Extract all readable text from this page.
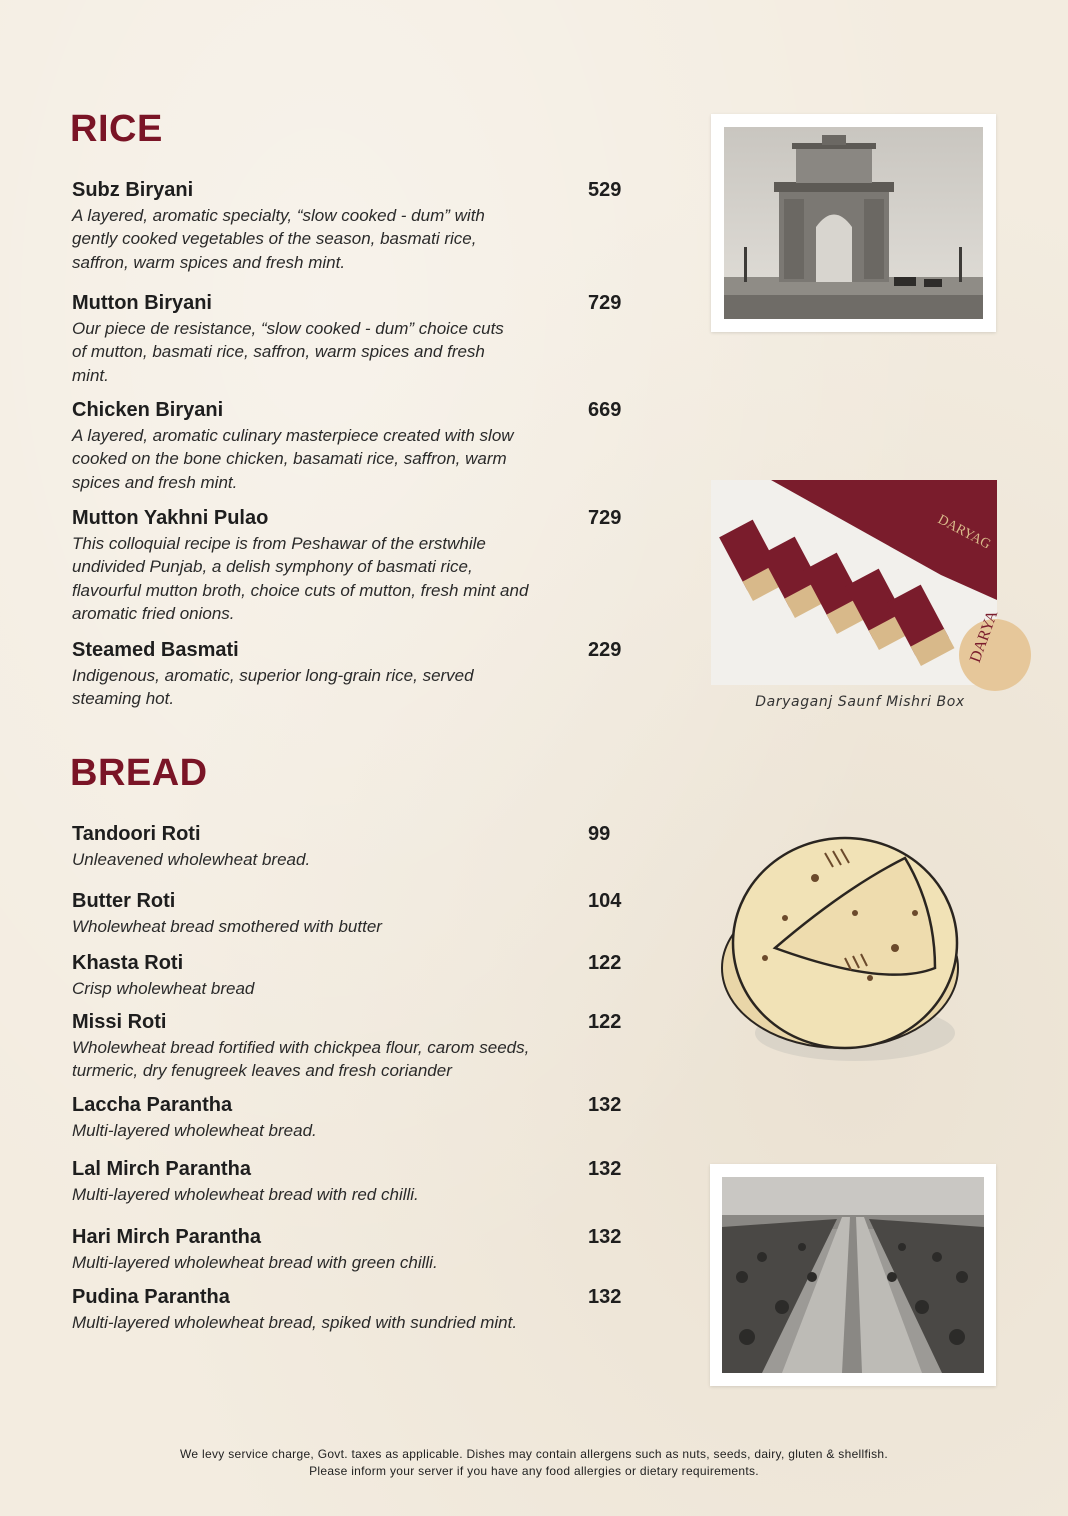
RICE
Subz Biryani	529
A layered, aromatic specialty, “slow cooked - dum” with gently cooked vegetables of the season, basmati rice, saffron, warm spices and fresh mint.
Mutton Biryani	729
Our piece de resistance, “slow cooked - dum” choice cuts of mutton, basmati rice, saffron, warm spices and fresh mint.
Chicken Biryani	669
A layered, aromatic culinary masterpiece created with slow cooked on the bone chicken, basamati rice, saffron, warm spices and fresh mint.
Mutton Yakhni Pulao	729
This colloquial recipe is from Peshawar of the erstwhile undivided Punjab, a delish symphony of basmati rice, flavourful mutton broth, choice cuts of mutton, fresh mint and aromatic fried onions.
Steamed Basmati	229
Indigenous, aromatic, superior long-grain rice, served steaming hot.
BREAD
Tandoori Roti	99
Unleavened wholewheat bread.
Butter Roti	104
Wholewheat bread smothered with butter
Khasta Roti	122
Crisp wholewheat bread
Missi Roti	122
Wholewheat bread fortified with chickpea flour, carom seeds, turmeric, dry fenugreek leaves and fresh coriander
Laccha Parantha	132
Multi-layered wholewheat bread.
Lal Mirch Parantha	132
Multi-layered wholewheat bread with red chilli.
Hari Mirch Parantha	132
Multi-layered wholewheat bread with green chilli.
Pudina Parantha	132
Multi-layered wholewheat bread, spiked with sundried mint.
DARYAG
DARYA
Daryaganj Saunf Mishri Box
We levy service charge, Govt. taxes as applicable. Dishes may contain allergens such as nuts, seeds, dairy, gluten & shellfish.
Please inform your server if you have any food allergies or dietary requirements.
